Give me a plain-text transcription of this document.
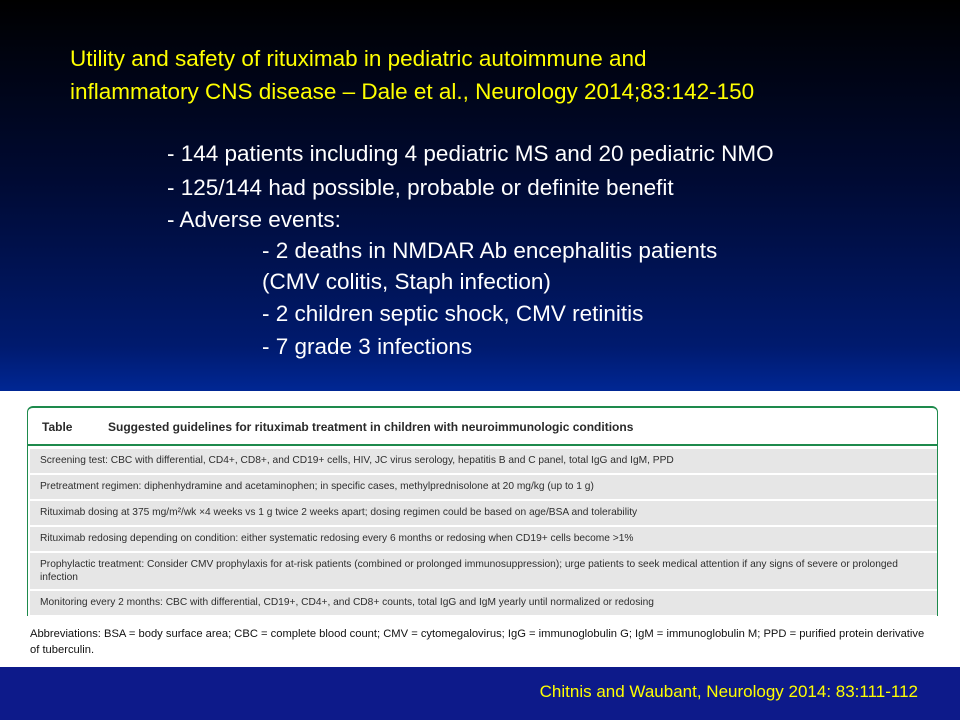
Utility and safety of rituximab in pediatric autoimmune and
inflammatory CNS disease – Dale et al., Neurology 2014;83:142-150
- 144 patients including 4 pediatric MS and 20 pediatric NMO
- 125/144 had possible, probable or definite benefit
- Adverse events:
- 2 deaths in NMDAR Ab encephalitis patients
(CMV colitis, Staph infection)
- 2 children septic shock, CMV retinitis
- 7 grade 3 infections
Table	Suggested guidelines for rituximab treatment in children with neuroimmunologic conditions
Screening test: CBC with differential, CD4+, CD8+, and CD19+ cells, HIV, JC virus serology, hepatitis B and C panel, total IgG and IgM, PPD
Pretreatment regimen: diphenhydramine and acetaminophen; in specific cases, methylprednisolone at 20 mg/kg (up to 1 g)
Rituximab dosing at 375 mg/m²/wk ×4 weeks vs 1 g twice 2 weeks apart; dosing regimen could be based on age/BSA and tolerability
Rituximab redosing depending on condition: either systematic redosing every 6 months or redosing when CD19+ cells become >1%
Prophylactic treatment: Consider CMV prophylaxis for at-risk patients (combined or prolonged immunosuppression); urge patients to seek medical attention if any signs of severe or prolonged infection
Monitoring every 2 months: CBC with differential, CD19+, CD4+, and CD8+ counts, total IgG and IgM yearly until normalized or redosing
Abbreviations: BSA = body surface area; CBC = complete blood count; CMV = cytomegalovirus; IgG = immunoglobulin G; IgM = immunoglobulin M; PPD = purified protein derivative of tuberculin.
Chitnis and Waubant, Neurology 2014: 83:111-112
